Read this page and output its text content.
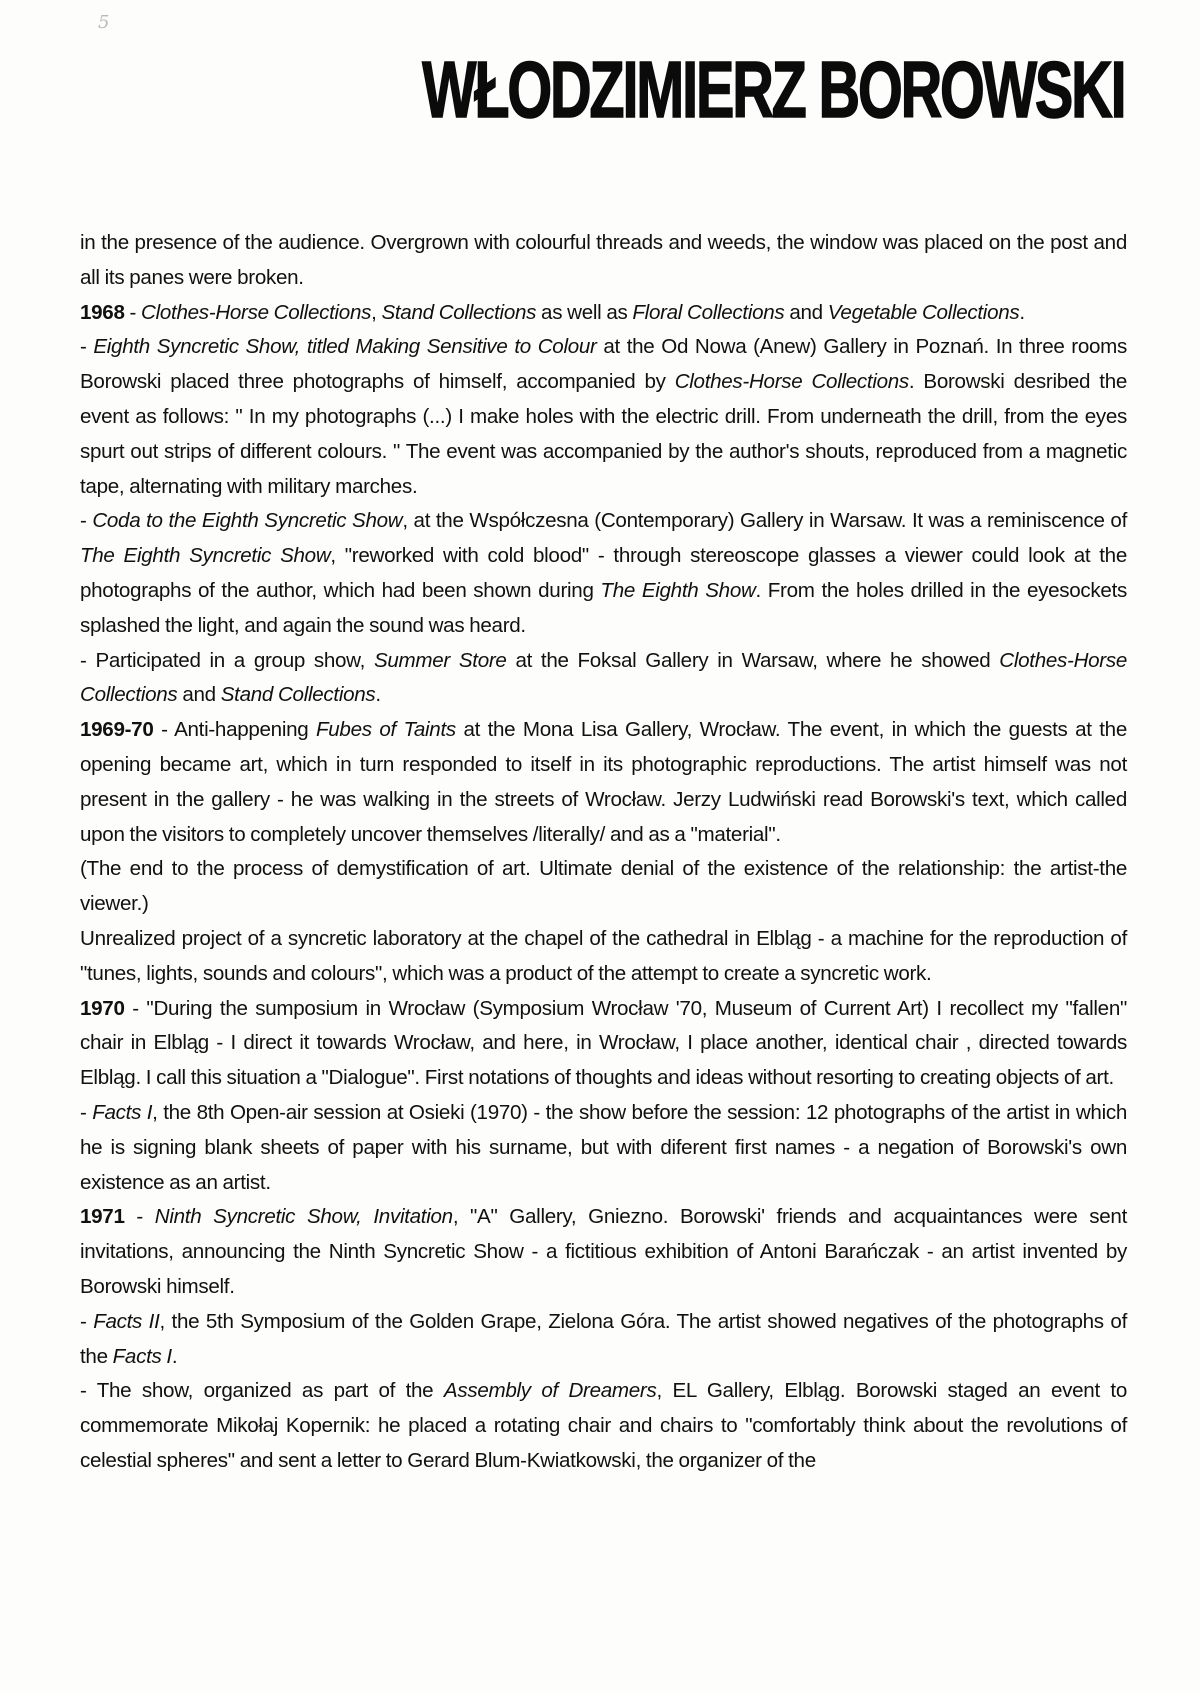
5
WŁODZIMIERZ BOROWSKI

in the presence of the audience. Overgrown with colourful threads and weeds, the window was placed on the post and all its panes were broken.

1968 - Clothes-Horse Collections, Stand Collections as well as Floral Collections and Vegetable Collections.

- Eighth Syncretic Show, titled Making Sensitive to Colour at the Od Nowa (Anew) Gallery in Poznań. In three rooms Borowski placed three photographs of himself, accompanied by Clothes-Horse Collections. Borowski desribed the event as follows: " In my photographs (...) I make holes with the electric drill. From underneath the drill, from the eyes spurt out strips of different colours. " The event was accompanied by the author's shouts, reproduced from a magnetic tape, alternating with military marches.

- Coda to the Eighth Syncretic Show, at the Współczesna (Contemporary) Gallery in Warsaw. It was a reminiscence of The Eighth Syncretic Show, "reworked with cold blood" - through stereoscope glasses a viewer could look at the photographs of the author, which had been shown during The Eighth Show. From the holes drilled in the eyesockets splashed the light, and again the sound was heard.

- Participated in a group show, Summer Store at the Foksal Gallery in Warsaw, where he showed Clothes-Horse Collections and Stand Collections.

1969-70 - Anti-happening Fubes of Taints at the Mona Lisa Gallery, Wrocław. The event, in which the guests at the opening became art, which in turn responded to itself in its photographic reproductions. The artist himself was not present in the gallery - he was walking in the streets of Wrocław. Jerzy Ludwiński read Borowski's text, which called upon the visitors to completely uncover themselves /literally/ and as a "material".

(The end to the process of demystification of art. Ultimate denial of the existence of the relationship: the artist-the viewer.)

Unrealized project of a syncretic laboratory at the chapel of the cathedral in Elbląg - a machine for the reproduction of "tunes, lights, sounds and colours", which was a product of the attempt to create a syncretic work.

1970 - "During the sumposium in Wrocław (Symposium Wrocław '70, Museum of Current Art) I recollect my "fallen" chair in Elbląg - I direct it towards Wrocław, and here, in Wrocław, I place another, identical chair , directed towards Elbląg. I call this situation a "Dialogue". First notations of thoughts and ideas without resorting to creating objects of art.

- Facts I, the 8th Open-air session at Osieki (1970) - the show before the session: 12 photographs of the artist in which he is signing blank sheets of paper with his surname, but with diferent first names - a negation of Borowski's own existence as an artist.

1971 - Ninth Syncretic Show, Invitation, "A" Gallery, Gniezno. Borowski' friends and acquaintances were sent invitations, announcing the Ninth Syncretic Show - a fictitious exhibition of Antoni Barańczak - an artist invented by Borowski himself.

- Facts II, the 5th Symposium of the Golden Grape, Zielona Góra. The artist showed negatives of the photographs of the Facts I.

- The show, organized as part of the Assembly of Dreamers, EL Gallery, Elbląg. Borowski staged an event to commemorate Mikołaj Kopernik: he placed a rotating chair and chairs to "comfortably think about the revolutions of celestial spheres" and sent a letter to Gerard Blum-Kwiatkowski, the organizer of the
